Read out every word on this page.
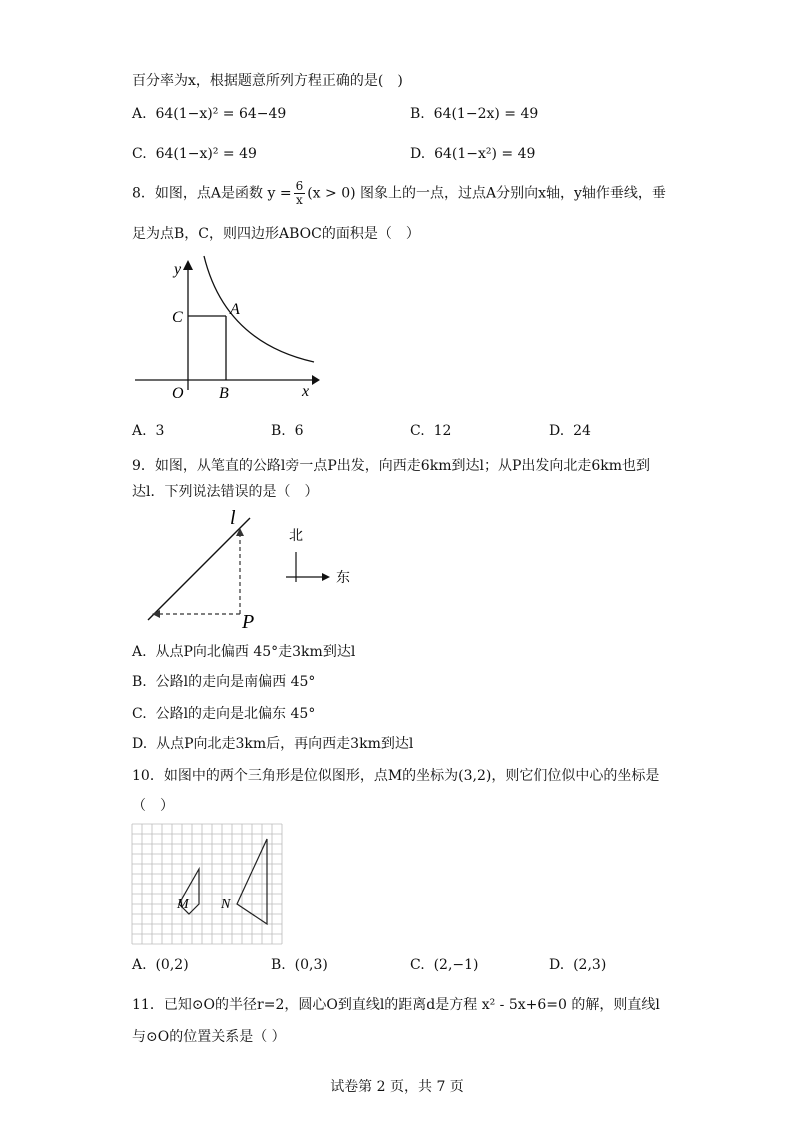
百分率为x，根据题意所列方程正确的是(　)
A. 64(1−x)² = 64−49	B. 64(1−2x) = 49
C. 64(1−x)² = 49	D. 64(1−x²) = 49
8．如图，点A是函数 $y = \frac{6}{x} (x > 0)$ 图象上的一点，过点A分别向x轴，y轴作垂线，垂
足为点B，C，则四边形ABOC的面积是（　）
y
C	A
O B	x
A. 3	B. 6	C. 12	D. 24
9．如图，从笔直的公路l旁一点P出发，向西走6km到达l；从P出发向北走6km也到
达l．下列说法错误的是（　）
l
P
北
东
A. 从点P向北偏西 45°走3km到达l
B. 公路l的走向是南偏西 45°
C. 公路l的走向是北偏东 45°
D. 从点P向北走3km后，再向西走3km到达l
10．如图中的两个三角形是位似图形，点M的坐标为(3,2)，则它们位似中心的坐标是
（　）
M N
A. (0,2)	B. (0,3)	C. (2,−1)	D. (2,3)
11．已知⊙O的半径r=2，圆心O到直线l的距离d是方程 x² - 5x+6=0 的解，则直线l
与⊙O的位置关系是（ ）
试卷第 2 页，共 7 页
